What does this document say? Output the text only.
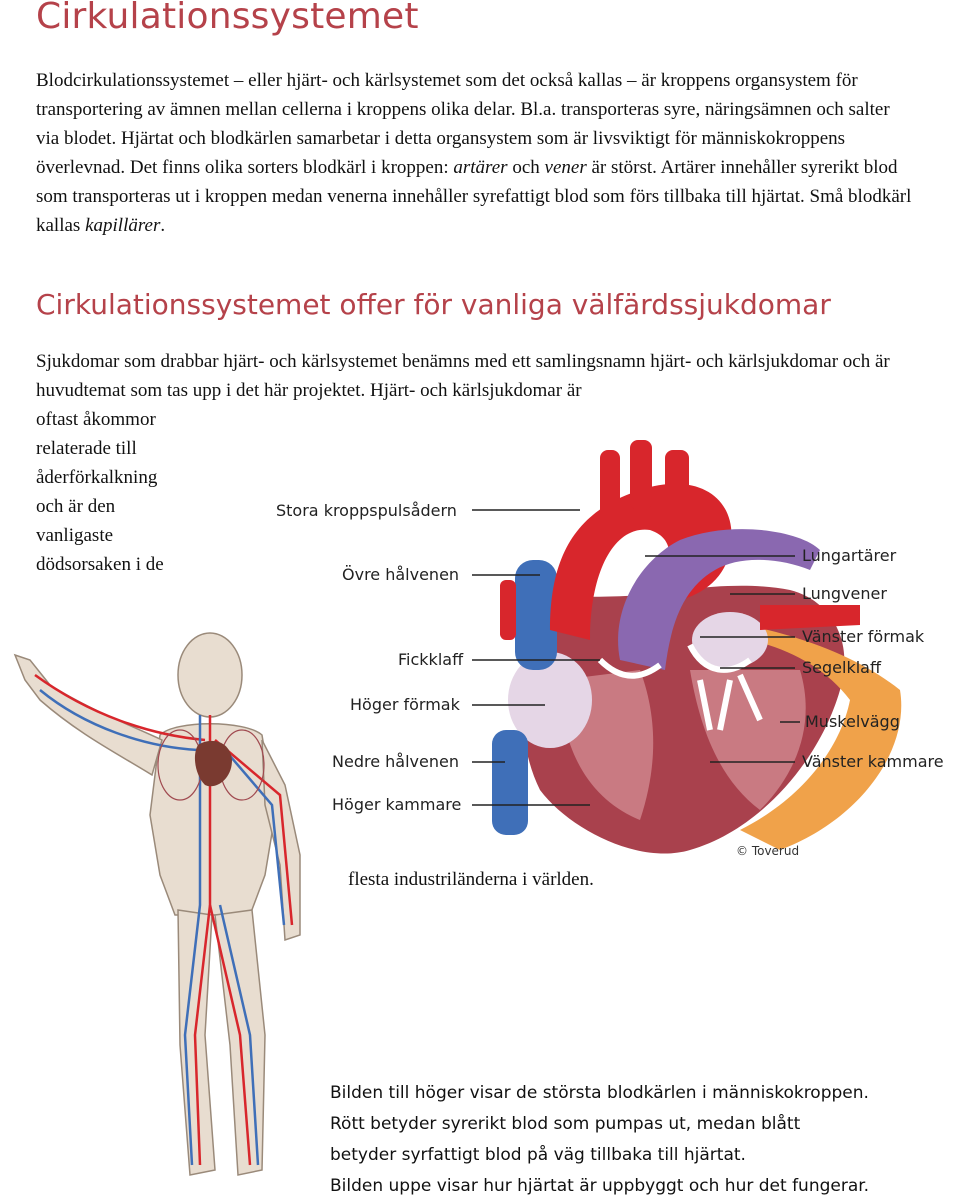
Cirkulationssystemet

Blodcirkulationssystemet – eller hjärt- och kärlsystemet som det också kallas – är kroppens organsystem för transportering av ämnen mellan cellerna i kroppens olika delar. Bl.a. transporteras syre, näringsämnen och salter via blodet. Hjärtat och blodkärlen samarbetar i detta organsystem som är livsviktigt för människokroppens överlevnad. Det finns olika sorters blodkärl i kroppen: artärer och vener är störst. Artärer innehåller syrerikt blod som transporteras ut i kroppen medan venerna innehåller syrefattigt blod som förs tillbaka till hjärtat. Små blodkärl kallas kapillärer.

Cirkulationssystemet offer för vanliga välfärdssjukdomar

Sjukdomar som drabbar hjärt- och kärlsystemet benämns med ett samlingsnamn hjärt- och kärlsjukdomar och är huvudtemat som tas upp i det här projektet. Hjärt- och kärlsjukdomar är

oftast åkommor
relaterade till
åderförkalkning
och är den
vanligaste
dödsorsaken i de
Stora kroppspulsådern
Övre hålvenen
Fickklaff
Höger förmak
Nedre hålvenen
Höger kammare
Lungartärer
Lungvener
Vänster förmak
Segelklaff
Muskelvägg
Vänster kammare
© Toverud

flesta industriländerna i världen.

Bilden till höger visar de största blodkärlen i människokroppen.
Rött betyder syrerikt blod som pumpas ut, medan blått
betyder syrfattigt blod på väg tillbaka till hjärtat.
Bilden uppe visar hur hjärtat är uppbyggt och hur det fungerar.
